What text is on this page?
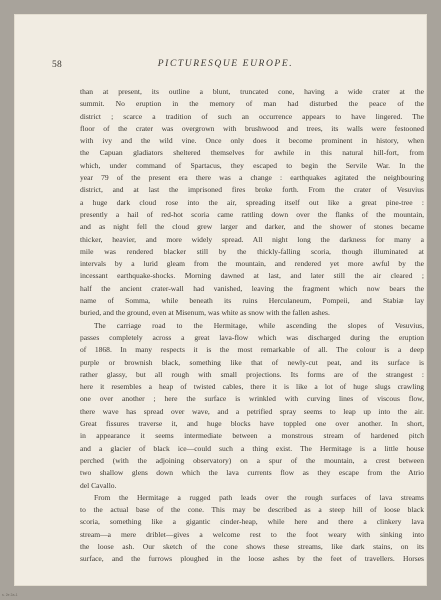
58	PICTURESQUE EUROPE.
than at present, its outline a blunt, truncated cone, having a wide crater at the
summit. No eruption in the memory of man had disturbed the peace of the
district ; scarce a tradition of such an occurrence appears to have lingered. The
floor of the crater was overgrown with brushwood and trees, its walls were festooned
with ivy and the wild vine. Once only does it become prominent in history, when
the Capuan gladiators sheltered themselves for awhile in this natural hill-fort, from
which, under command of Spartacus, they escaped to begin the Servile War. In the
year 79 of the present era there was a change : earthquakes agitated the neighbouring
district, and at last the imprisoned fires broke forth. From the crater of Vesuvius
a huge dark cloud rose into the air, spreading itself out like a great pine-tree :
presently a hail of red-hot scoria came rattling down over the flanks of the mountain,
and as night fell the cloud grew larger and darker, and the shower of stones became
thicker, heavier, and more widely spread. All night long the darkness for many a
mile was rendered blacker still by the thickly-falling scoria, though illuminated at
intervals by a lurid gleam from the mountain, and rendered yet more awful by the
incessant earthquake-shocks. Morning dawned at last, and later still the air cleared ;
half the ancient crater-wall had vanished, leaving the fragment which now bears the
name of Somma, while beneath its ruins Herculaneum, Pompeii, and Stabiæ lay
buried, and the ground, even at Misenum, was white as snow with the fallen ashes.
The carriage road to the Hermitage, while ascending the slopes of Vesuvius,
passes completely across a great lava-flow which was discharged during the eruption
of 1868. In many respects it is the most remarkable of all. The colour is a deep
purple or brownish black, something like that of newly-cut peat, and its surface is
rather glassy, but all rough with small projections. Its forms are of the strangest :
here it resembles a heap of twisted cables, there it is like a lot of huge slugs crawling
one over another ; here the surface is wrinkled with curving lines of viscous flow,
there wave has spread over wave, and a petrified spray seems to leap up into the air.
Great fissures traverse it, and huge blocks have toppled one over another. In short,
in appearance it seems intermediate between a monstrous stream of hardened pitch
and a glacier of black ice—could such a thing exist. The Hermitage is a little house
perched (with the adjoining observatory) on a spur of the mountain, a crest between
two shallow glens down which the lava currents flow as they escape from the Atrio
del Cavallo.
From the Hermitage a rugged path leads over the rough surfaces of lava streams
to the actual base of the cone. This may be described as a steep hill of loose black
scoria, something like a gigantic cinder-heap, while here and there a clinkery lava
stream—a mere driblet—gives a welcome rest to the foot weary with sinking into
the loose ash. Our sketch of the cone shows these streams, like dark stains, on its
surface, and the furrows ploughed in the loose ashes by the feet of travellers. Horses
s. 2e 2a-1
